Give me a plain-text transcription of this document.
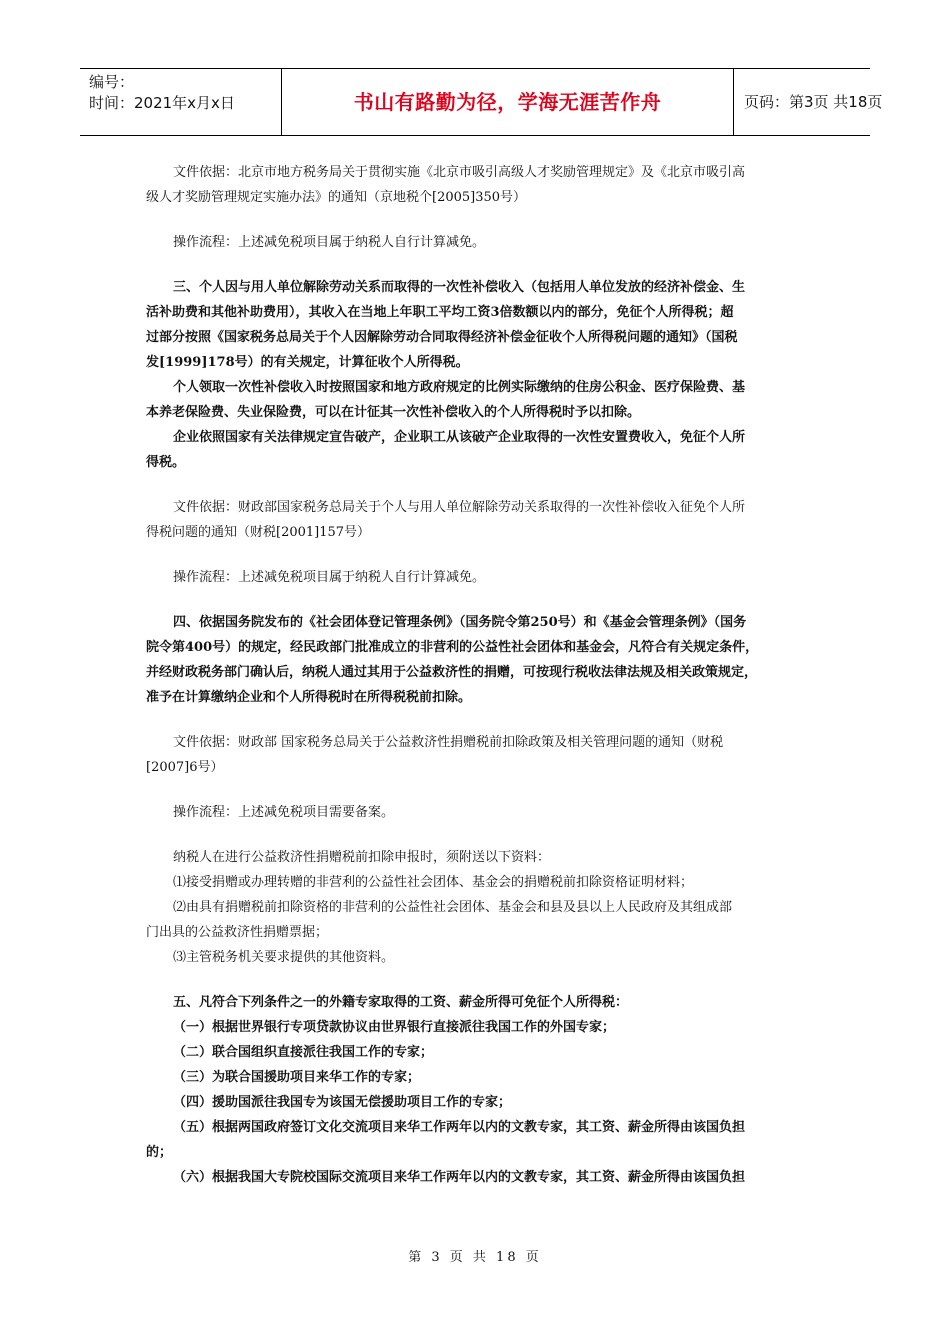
编号：
时间：2021年x月x日	书山有路勤为径，学海无涯苦作舟	页码：第3页 共18页

文件依据：北京市地方税务局关于贯彻实施《北京市吸引高级人才奖励管理规定》及《北京市吸引高

级人才奖励管理规定实施办法》的通知（京地税个[2005]350号）

操作流程：上述减免税项目属于纳税人自行计算减免。

三、个人因与用人单位解除劳动关系而取得的一次性补偿收入（包括用人单位发放的经济补偿金、生

活补助费和其他补助费用），其收入在当地上年职工平均工资3倍数额以内的部分，免征个人所得税；超

过部分按照《国家税务总局关于个人因解除劳动合同取得经济补偿金征收个人所得税问题的通知》（国税

发[1999]178号）的有关规定，计算征收个人所得税。

个人领取一次性补偿收入时按照国家和地方政府规定的比例实际缴纳的住房公积金、医疗保险费、基

本养老保险费、失业保险费，可以在计征其一次性补偿收入的个人所得税时予以扣除。

企业依照国家有关法律规定宣告破产，企业职工从该破产企业取得的一次性安置费收入，免征个人所

得税。

文件依据：财政部国家税务总局关于个人与用人单位解除劳动关系取得的一次性补偿收入征免个人所

得税问题的通知（财税[2001]157号）

操作流程：上述减免税项目属于纳税人自行计算减免。

四、依据国务院发布的《社会团体登记管理条例》（国务院令第250号）和《基金会管理条例》（国务

院令第400号）的规定，经民政部门批准成立的非营利的公益性社会团体和基金会，凡符合有关规定条件，

并经财政税务部门确认后，纳税人通过其用于公益救济性的捐赠，可按现行税收法律法规及相关政策规定，

准予在计算缴纳企业和个人所得税时在所得税税前扣除。

文件依据：财政部 国家税务总局关于公益救济性捐赠税前扣除政策及相关管理问题的通知（财税

[2007]6号）

操作流程：上述减免税项目需要备案。

纳税人在进行公益救济性捐赠税前扣除申报时，须附送以下资料：

⑴接受捐赠或办理转赠的非营利的公益性社会团体、基金会的捐赠税前扣除资格证明材料；

⑵由具有捐赠税前扣除资格的非营利的公益性社会团体、基金会和县及县以上人民政府及其组成部

门出具的公益救济性捐赠票据；

⑶主管税务机关要求提供的其他资料。

五、凡符合下列条件之一的外籍专家取得的工资、薪金所得可免征个人所得税：

（一）根据世界银行专项贷款协议由世界银行直接派往我国工作的外国专家；

（二）联合国组织直接派往我国工作的专家；

（三）为联合国援助项目来华工作的专家；

（四）援助国派往我国专为该国无偿援助项目工作的专家；

（五）根据两国政府签订文化交流项目来华工作两年以内的文教专家，其工资、薪金所得由该国负担

的；

（六）根据我国大专院校国际交流项目来华工作两年以内的文教专家，其工资、薪金所得由该国负担

第 3 页 共 18 页
